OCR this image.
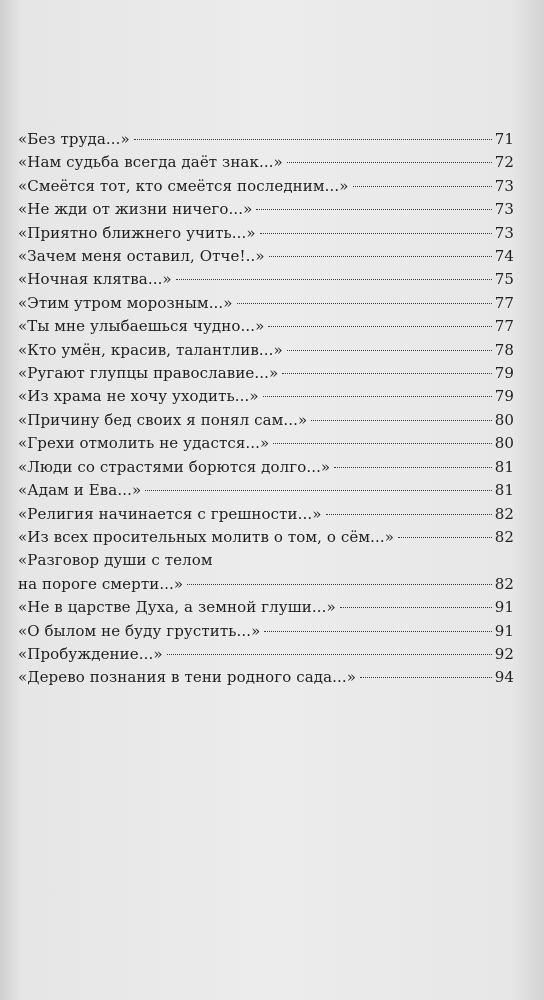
«Без труда...»	71
«Нам судьба всегда даёт знак...»	72
«Смеётся тот, кто смеётся последним...»	73
«Не жди от жизни ничего...»	73
«Приятно ближнего учить...»	73
«Зачем меня оставил, Отче!..»	74
«Ночная клятва...»	75
«Этим утром морозным...»	77
«Ты мне улыбаешься чудно...»	77
«Кто умён, красив, талантлив...»	78
«Ругают глупцы православие...»	79
«Из храма не хочу уходить...»	79
«Причину бед своих я понял сам...»	80
«Грехи отмолить не удастся...»	80
«Люди со страстями борются долго...»	81
«Адам и Ева...»	81
«Религия начинается с грешности...»	82
«Из всех просительных молитв о том, о сём...»	82
«Разговор души с телом
на пороге смерти...»	82
«Не в царстве Духа, а земной глуши...»	91
«О былом не буду грустить...»	91
«Пробуждение...»	92
«Дерево познания в тени родного сада...»	94
